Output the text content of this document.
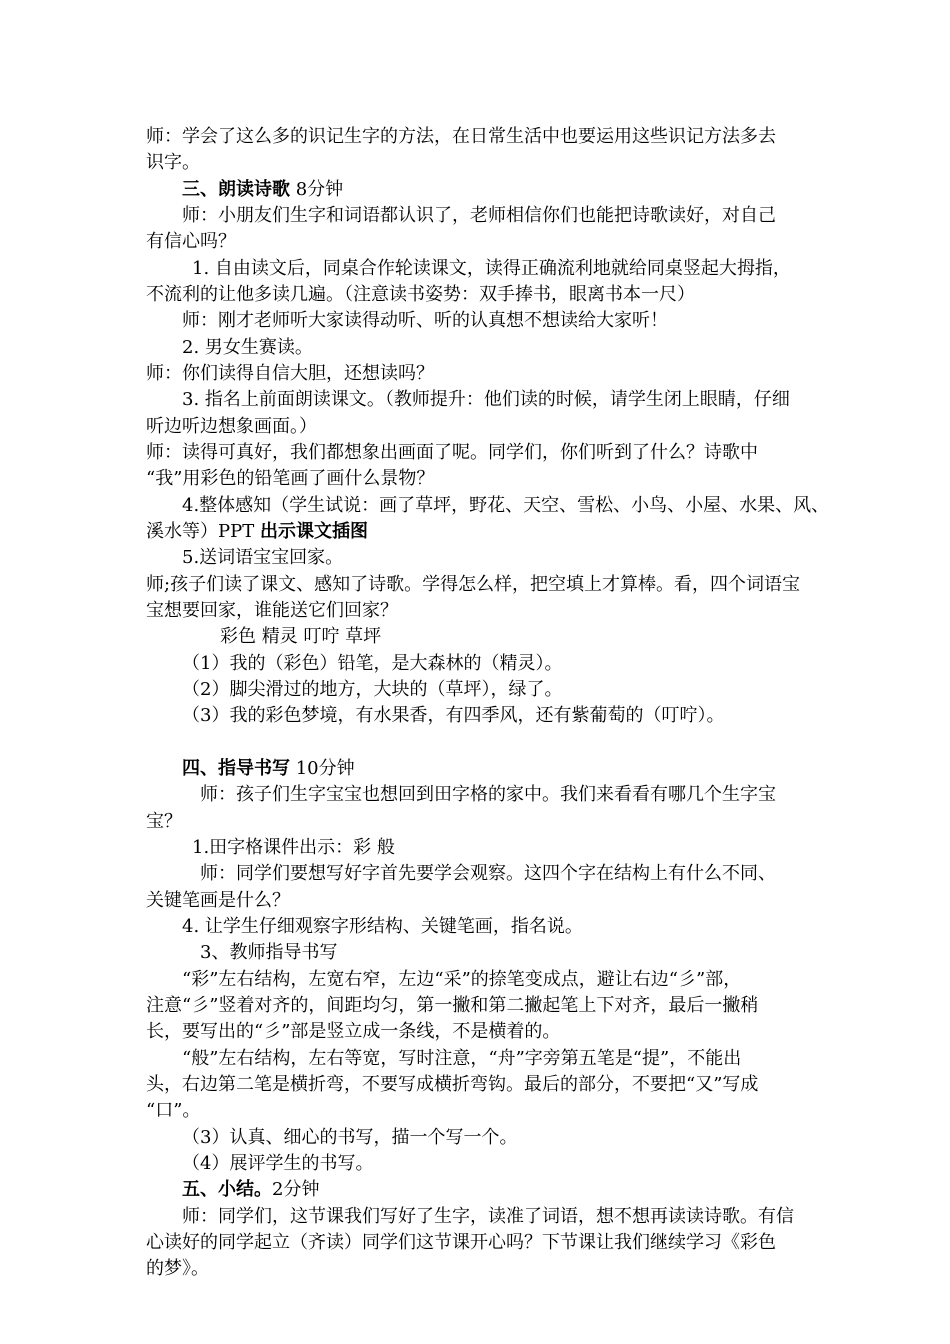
师：学会了这么多的识记生字的方法，在日常生活中也要运用这些识记方法多去
识字。
三、朗读诗歌 8分钟
师：小朋友们生字和词语都认识了，老师相信你们也能把诗歌读好，对自己
有信心吗？
1. 自由读文后，同桌合作轮读课文，读得正确流利地就给同桌竖起大拇指，
不流利的让他多读几遍。（注意读书姿势：双手捧书，眼离书本一尺）
师：刚才老师听大家读得动听、听的认真想不想读给大家听！
2. 男女生赛读。
师：你们读得自信大胆，还想读吗？
3. 指名上前面朗读课文。（教师提升：他们读的时候，请学生闭上眼睛，仔细
听边听边想象画面。）
师：读得可真好，我们都想象出画面了呢。同学们，你们听到了什么？诗歌中
“我”用彩色的铅笔画了画什么景物？
4.整体感知（学生试说：画了草坪，野花、天空、雪松、小鸟、小屋、水果、风、
溪水等）PPT 出示课文插图
5.送词语宝宝回家。
师;孩子们读了课文、感知了诗歌。学得怎么样，把空填上才算棒。看，四个词语宝
宝想要回家，谁能送它们回家？
彩色 精灵 叮咛 草坪
（1）我的（彩色）铅笔，是大森林的（精灵）。
（2）脚尖滑过的地方，大块的（草坪），绿了。
（3）我的彩色梦境，有水果香，有四季风，还有紫葡萄的（叮咛）。
四、指导书写 10分钟
师：孩子们生字宝宝也想回到田字格的家中。我们来看看有哪几个生字宝
宝？
1.田字格课件出示：彩 般
师：同学们要想写好字首先要学会观察。这四个字在结构上有什么不同、
关键笔画是什么？
4. 让学生仔细观察字形结构、关键笔画，指名说。
3、教师指导书写
“彩”左右结构，左宽右窄，左边“采”的捺笔变成点，避让右边“彡”部，
注意“彡”竖着对齐的，间距均匀，第一撇和第二撇起笔上下对齐，最后一撇稍
长，要写出的“彡”部是竖立成一条线，不是横着的。
“般”左右结构，左右等宽，写时注意，“舟”字旁第五笔是“提”，不能出
头，右边第二笔是横折弯，不要写成横折弯钩。最后的部分，不要把“又”写成
“口”。
（3）认真、细心的书写，描一个写一个。
（4）展评学生的书写。
五、小结。2分钟
师：同学们，这节课我们写好了生字，读准了词语，想不想再读读诗歌。有信
心读好的同学起立（齐读）同学们这节课开心吗？下节课让我们继续学习《彩色
的梦》。
